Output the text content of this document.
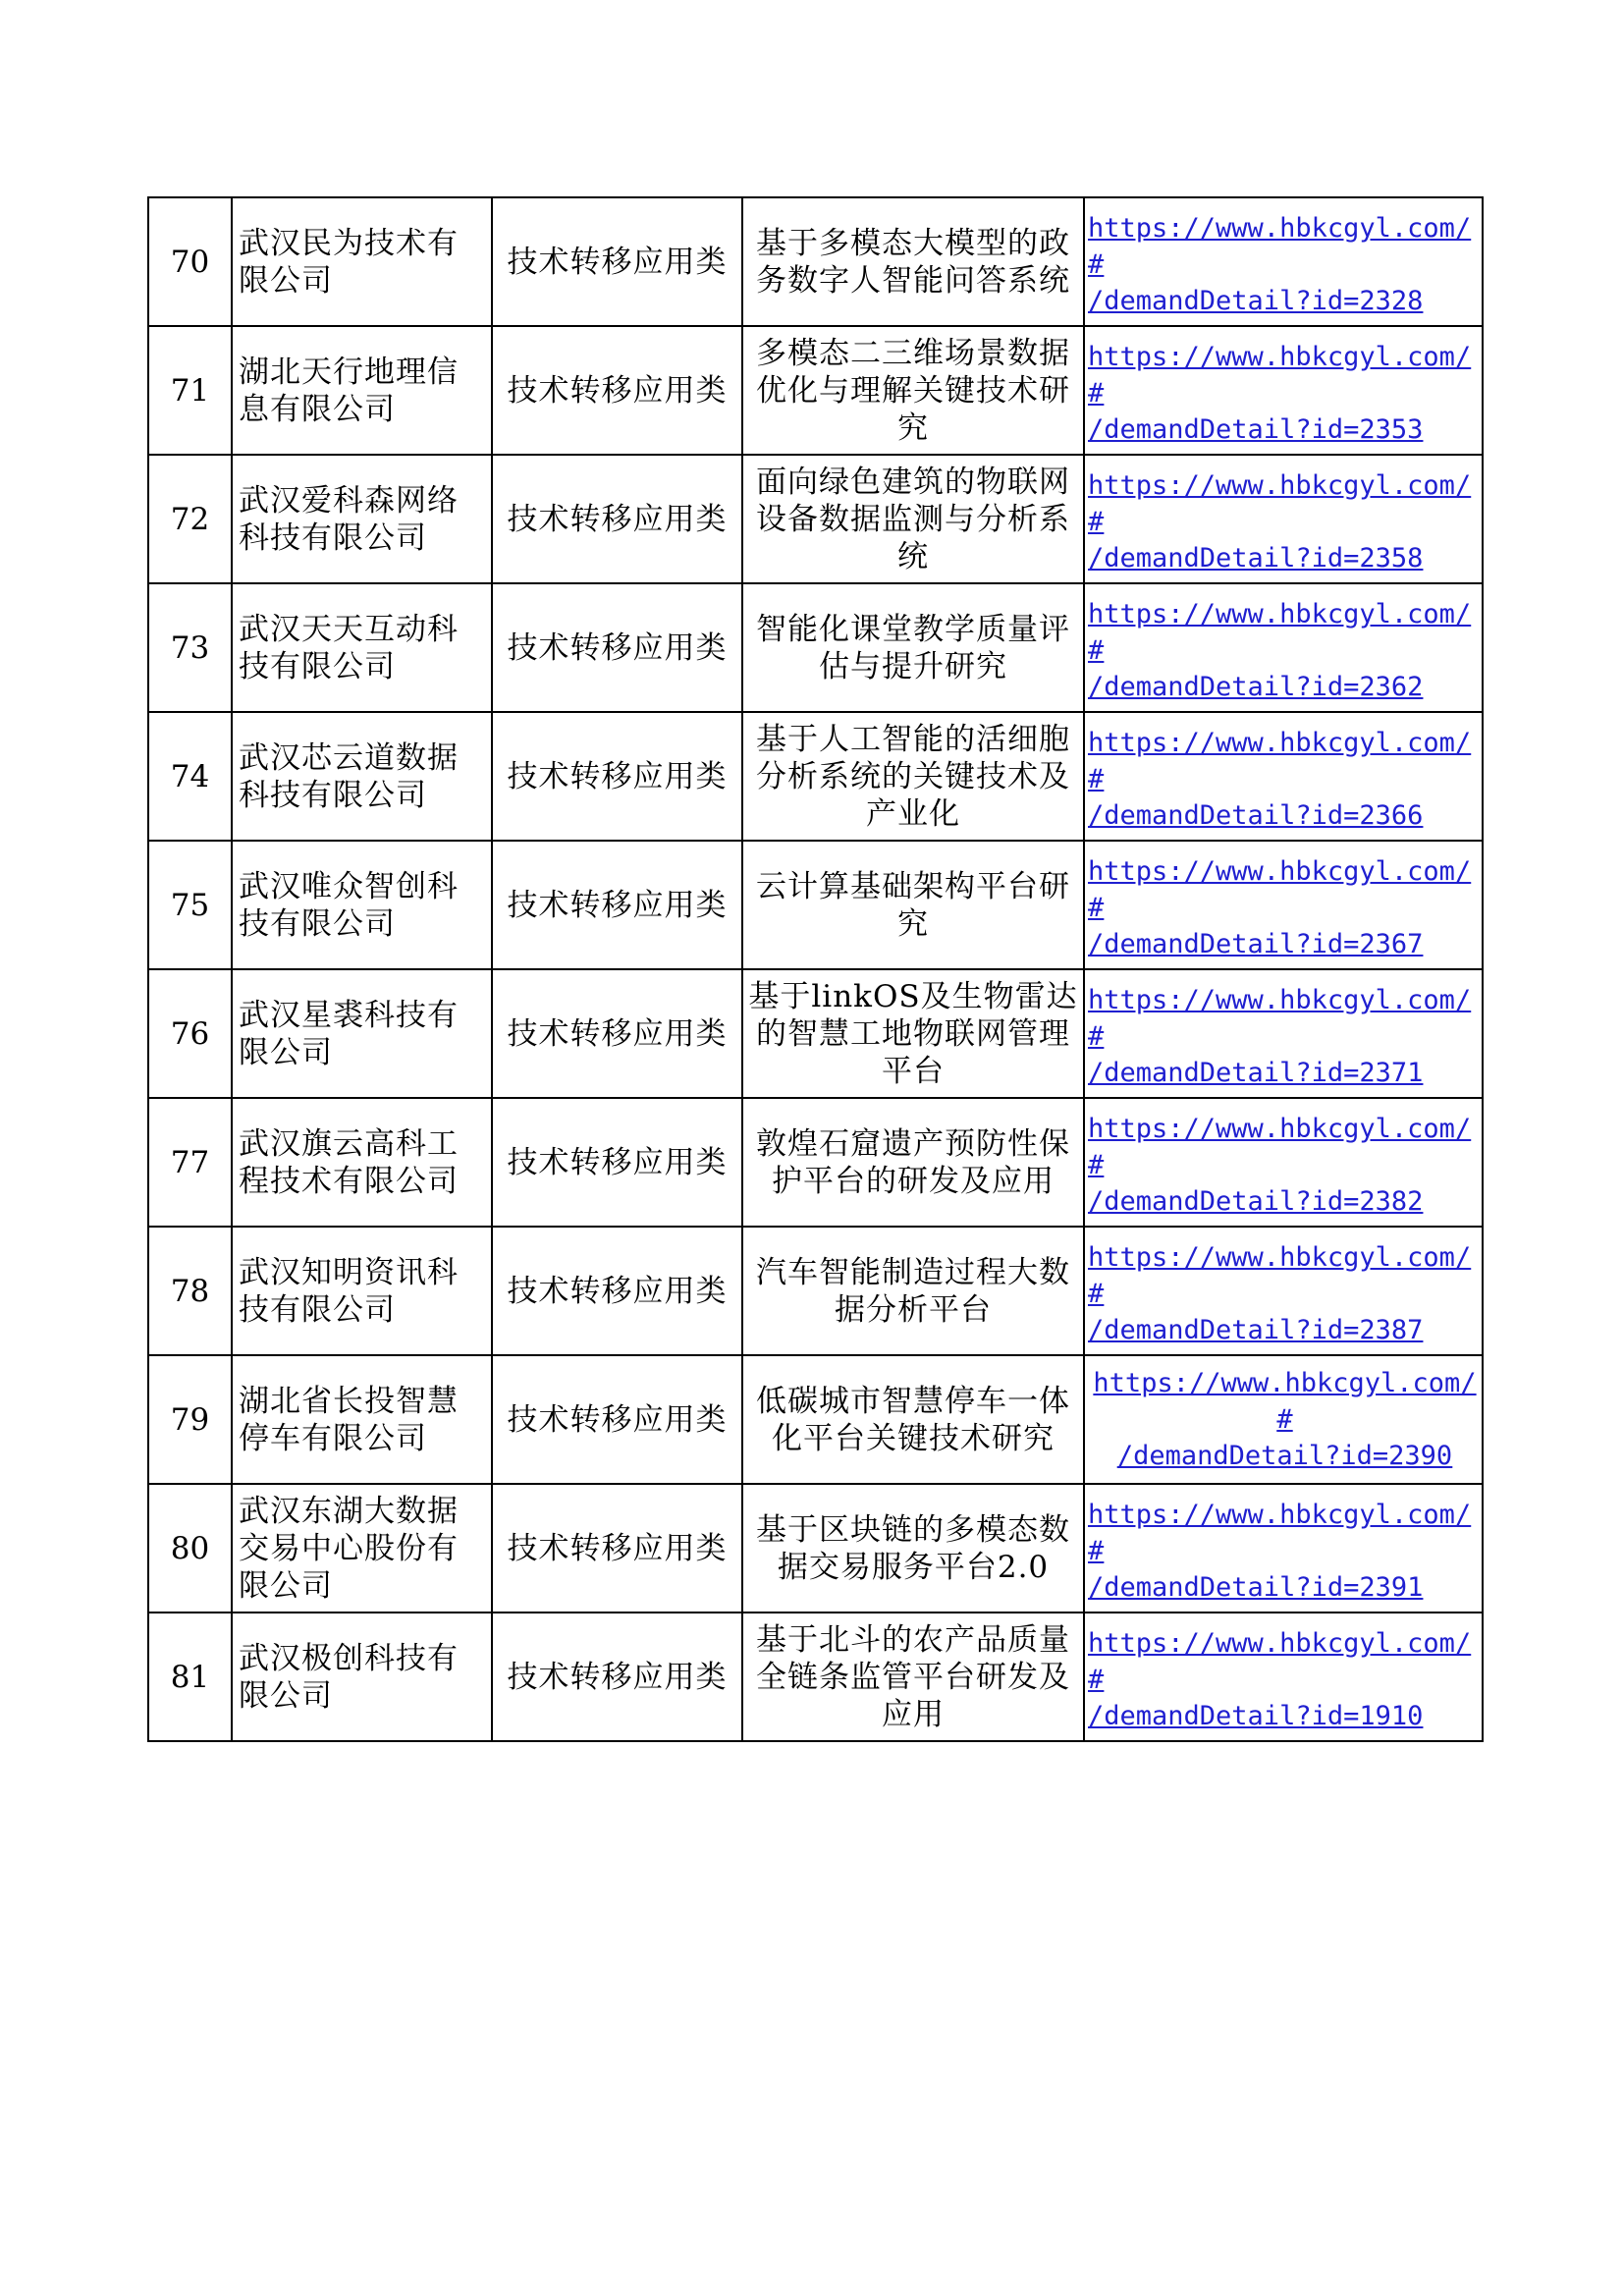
70	武汉民为技术有限公司	技术转移应用类	基于多模态大模型的政务数字人智能问答系统	https://www.hbkcgyl.com/#
/demandDetail?id=2328

71	湖北天行地理信息有限公司	技术转移应用类	多模态二三维场景数据优化与理解关键技术研究	https://www.hbkcgyl.com/#
/demandDetail?id=2353

72	武汉爱科森网络科技有限公司	技术转移应用类	面向绿色建筑的物联网设备数据监测与分析系统	https://www.hbkcgyl.com/#
/demandDetail?id=2358

73	武汉天天互动科技有限公司	技术转移应用类	智能化课堂教学质量评估与提升研究	https://www.hbkcgyl.com/#
/demandDetail?id=2362

74	武汉芯云道数据科技有限公司	技术转移应用类	基于人工智能的活细胞分析系统的关键技术及产业化	https://www.hbkcgyl.com/#
/demandDetail?id=2366

75	武汉唯众智创科技有限公司	技术转移应用类	云计算基础架构平台研究	https://www.hbkcgyl.com/#
/demandDetail?id=2367

76	武汉星裘科技有限公司	技术转移应用类	基于linkOS及生物雷达的智慧工地物联网管理平台	https://www.hbkcgyl.com/#
/demandDetail?id=2371

77	武汉旗云高科工程技术有限公司	技术转移应用类	敦煌石窟遗产预防性保护平台的研发及应用	https://www.hbkcgyl.com/#
/demandDetail?id=2382

78	武汉知明资讯科技有限公司	技术转移应用类	汽车智能制造过程大数据分析平台	https://www.hbkcgyl.com/#
/demandDetail?id=2387

79	湖北省长投智慧停车有限公司	技术转移应用类	低碳城市智慧停车一体化平台关键技术研究	https://www.hbkcgyl.com/#
/demandDetail?id=2390

80	武汉东湖大数据交易中心股份有限公司	技术转移应用类	基于区块链的多模态数据交易服务平台2.0	https://www.hbkcgyl.com/#
/demandDetail?id=2391

81	武汉极创科技有限公司	技术转移应用类	基于北斗的农产品质量全链条监管平台研发及应用	https://www.hbkcgyl.com/#
/demandDetail?id=1910
